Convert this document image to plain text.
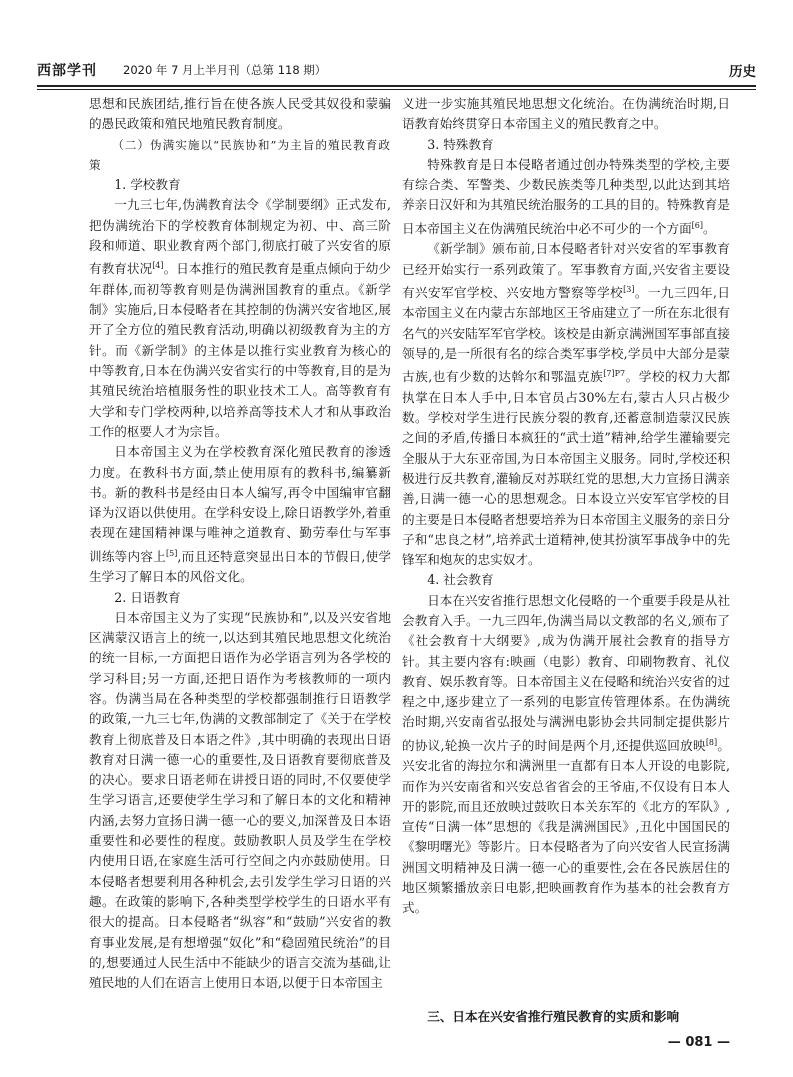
西部学刊 2020 年 7 月上半月刊（总第 118 期）	历史

思想和民族团结,推行旨在使各族人民受其奴役和蒙骗的愚民政策和殖民地殖民教育制度。

（二）伪满实施以“民族协和”为主旨的殖民教育政策

1. 学校教育

一九三七年,伪满教育法令《学制要纲》正式发布,把伪满统治下的学校教育体制规定为初、中、高三阶段和师道、职业教育两个部门,彻底打破了兴安省的原有教育状况[4]。日本推行的殖民教育是重点倾向于幼少年群体,而初等教育则是伪满洲国教育的重点。《新学制》实施后,日本侵略者在其控制的伪满兴安省地区,展开了全方位的殖民教育活动,明确以初级教育为主的方针。而《新学制》的主体是以推行实业教育为核心的中等教育,日本在伪满兴安省实行的中等教育,目的是为其殖民统治培植服务性的职业技术工人。高等教育有大学和专门学校两种,以培养高等技术人才和从事政治工作的枢要人才为宗旨。

日本帝国主义为在学校教育深化殖民教育的渗透力度。在教科书方面,禁止使用原有的教科书,编纂新书。新的教科书是经由日本人编写,再令中国编审官翻译为汉语以供使用。在学科安设上,除日语教学外,着重表现在建国精神课与唯神之道教育、勤劳奉仕与军事训练等内容上[5],而且还特意突显出日本的节假日,使学生学习了解日本的风俗文化。

2. 日语教育

日本帝国主义为了实现“民族协和”,以及兴安省地区满蒙汉语言上的统一,以达到其殖民地思想文化统治的统一目标,一方面把日语作为必学语言列为各学校的学习科目;另一方面,还把日语作为考核教师的一项内容。伪满当局在各种类型的学校都强制推行日语教学的政策,一九三七年,伪满的文教部制定了《关于在学校教育上彻底普及日本语之件》,其中明确的表现出日语教育对日满一德一心的重要性,及日语教育要彻底普及的决心。要求日语老师在讲授日语的同时,不仅要使学生学习语言,还要使学生学习和了解日本的文化和精神内涵,去努力宣扬日满一德一心的要义,加深普及日本语重要性和必要性的程度。鼓励教职人员及学生在学校内使用日语,在家庭生活可行空间之内亦鼓励使用。日本侵略者想要利用各种机会,去引发学生学习日语的兴趣。在政策的影响下,各种类型学校学生的日语水平有很大的提高。日本侵略者“纵容”和“鼓励”兴安省的教育事业发展,是有想增强“奴化”和“稳固殖民统治”的目的,想要通过人民生活中不能缺少的语言交流为基础,让殖民地的人们在语言上使用日本语,以便于日本帝国主

义进一步实施其殖民地思想文化统治。在伪满统治时期,日语教育始终贯穿日本帝国主义的殖民教育之中。

3. 特殊教育

特殊教育是日本侵略者通过创办特殊类型的学校,主要有综合类、军警类、少数民族类等几种类型,以此达到其培养亲日汉奸和为其殖民统治服务的工具的目的。特殊教育是日本帝国主义在伪满殖民统治中必不可少的一个方面[6]。

《新学制》颁布前,日本侵略者针对兴安省的军事教育已经开始实行一系列政策了。军事教育方面,兴安省主要设有兴安军官学校、兴安地方警察等学校[3]。一九三四年,日本帝国主义在内蒙古东部地区王爷庙建立了一所在东北很有名气的兴安陆军军官学校。该校是由新京满洲国军事部直接领导的,是一所很有名的综合类军事学校,学员中大部分是蒙古族,也有少数的达斡尔和鄂温克族$^{[7]P7}$。学校的权力大都执掌在日本人手中,日本官员占30%左右,蒙古人只占极少数。学校对学生进行民族分裂的教育,还蓄意制造蒙汉民族之间的矛盾,传播日本疯狂的“武士道”精神,给学生灌输要完全服从于大东亚帝国,为日本帝国主义服务。同时,学校还积极进行反共教育,灌输反对苏联红党的思想,大力宣扬日满亲善,日满一德一心的思想观念。日本设立兴安军官学校的目的主要是日本侵略者想要培养为日本帝国主义服务的亲日分子和“忠良之材”,培养武士道精神,使其扮演军事战争中的先锋军和炮灰的忠实奴才。

4. 社会教育

日本在兴安省推行思想文化侵略的一个重要手段是从社会教育入手。一九三四年,伪满当局以文教部的名义,颁布了《社会教育十大纲要》,成为伪满开展社会教育的指导方针。其主要内容有:映画（电影）教育、印刷物教育、礼仪教育、娱乐教育等。日本帝国主义在侵略和统治兴安省的过程之中,逐步建立了一系列的电影宣传管理体系。在伪满统治时期,兴安南省弘报处与满洲电影协会共同制定提供影片的协议,轮换一次片子的时间是两个月,还提供巡回放映[8]。兴安北省的海拉尔和满洲里一直都有日本人开设的电影院,而作为兴安南省和兴安总省省会的王爷庙,不仅设有日本人开的影院,而且还放映过鼓吹日本关东军的《北方的军队》,宣传“日满一体”思想的《我是满洲国民》,丑化中国国民的《黎明曙光》等影片。日本侵略者为了向兴安省人民宣扬满洲国文明精神及日满一德一心的重要性,会在各民族居住的地区频繁播放亲日电影,把映画教育作为基本的社会教育方式。

三、日本在兴安省推行殖民教育的实质和影响
— 081 —
